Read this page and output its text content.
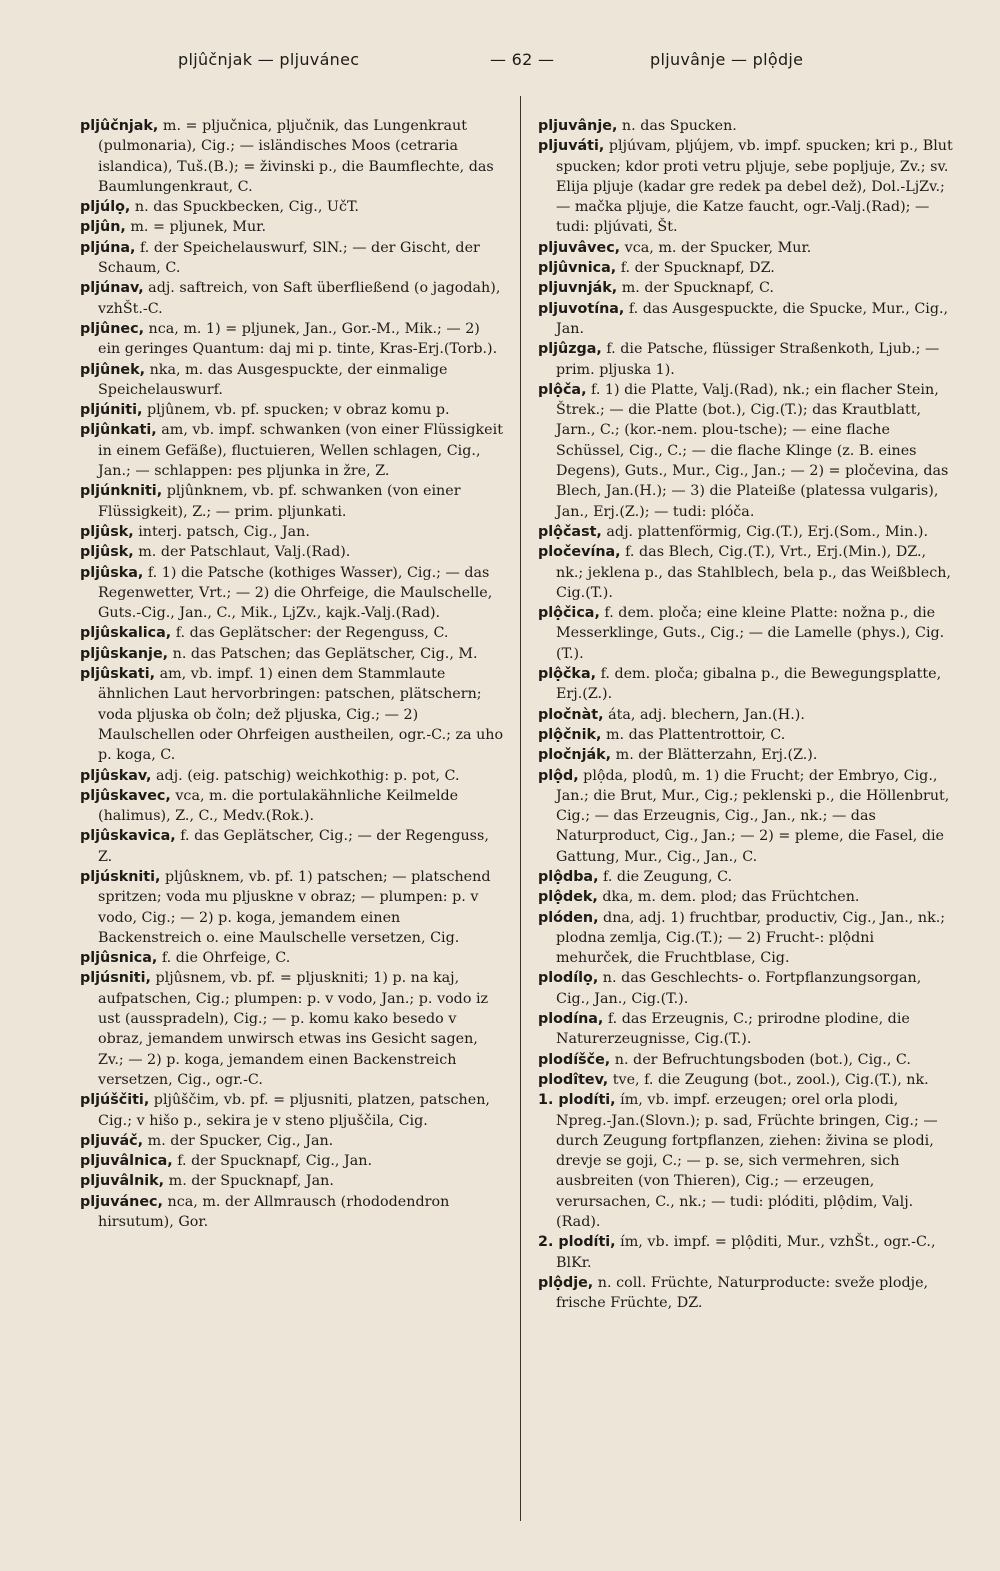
pljûčnjak — pljuvánec	— 62 —	pljuvânje — plộdje

pljûčnjak, m. = pljučnica, pljučnik, das Lungenkraut (pulmonaria), Cig.; — isländisches Moos (cetraria islandica), Tuš.(B.); = živinski p., die Baumflechte, das Baumlungenkraut, C.

pljúlọ, n. das Spuckbecken, Cig., UčT.

pljûn, m. = pljunek, Mur.

pljúna, f. der Speichelauswurf, SlN.; — der Gischt, der Schaum, C.

pljúnav, adj. saftreich, von Saft überfließend (o jagodah), vzhŠt.-C.

pljûnec, nca, m. 1) = pljunek, Jan., Gor.-M., Mik.; — 2) ein geringes Quantum: daj mi p. tinte, Kras-Erj.(Torb.).

pljûnek, nka, m. das Ausgespuckte, der einmalige Speichelauswurf.

pljúniti, pljûnem, vb. pf. spucken; v obraz komu p.

pljûnkati, am, vb. impf. schwanken (von einer Flüssigkeit in einem Gefäße), fluctuieren, Wellen schlagen, Cig., Jan.; — schlappen: pes pljunka in žre, Z.

pljúnkniti, pljûnknem, vb. pf. schwanken (von einer Flüssigkeit), Z.; — prim. pljunkati.

pljûsk, interj. patsch, Cig., Jan.

pljûsk, m. der Patschlaut, Valj.(Rad).

pljûska, f. 1) die Patsche (kothiges Wasser), Cig.; — das Regenwetter, Vrt.; — 2) die Ohrfeige, die Maulschelle, Guts.-Cig., Jan., C., Mik., LjZv., kajk.-Valj.(Rad).

pljûskalica, f. das Geplätscher: der Regenguss, C.

pljûskanje, n. das Patschen; das Geplätscher, Cig., M.

pljûskati, am, vb. impf. 1) einen dem Stammlaute ähnlichen Laut hervorbringen: patschen, plätschern; voda pljuska ob čoln; dež pljuska, Cig.; — 2) Maulschellen oder Ohrfeigen austheilen, ogr.-C.; za uho p. koga, C.

pljûskav, adj. (eig. patschig) weichkothig: p. pot, C.

pljûskavec, vca, m. die portulakähnliche Keilmelde (halimus), Z., C., Medv.(Rok.).

pljûskavica, f. das Geplätscher, Cig.; — der Regenguss, Z.

pljúskniti, pljûsknem, vb. pf. 1) patschen; — platschend spritzen; voda mu pljuskne v obraz; — plumpen: p. v vodo, Cig.; — 2) p. koga, jemandem einen Backenstreich o. eine Maulschelle versetzen, Cig.

pljûsnica, f. die Ohrfeige, C.

pljúsniti, pljûsnem, vb. pf. = pljuskniti; 1) p. na kaj, aufpatschen, Cig.; plumpen: p. v vodo, Jan.; p. vodo iz ust (ausspradeln), Cig.; — p. komu kako besedo v obraz, jemandem unwirsch etwas ins Gesicht sagen, Zv.; — 2) p. koga, jemandem einen Backenstreich versetzen, Cig., ogr.-C.

pljúščiti, pljûščim, vb. pf. = pljusniti, platzen, patschen, Cig.; v hišo p., sekira je v steno pljuščila, Cig.

pljuváč, m. der Spucker, Cig., Jan.

pljuvâlnica, f. der Spucknapf, Cig., Jan.

pljuvâlnik, m. der Spucknapf, Jan.

pljuvánec, nca, m. der Allmrausch (rhododendron hirsutum), Gor.

pljuvânje, n. das Spucken.

pljuváti, pljúvam, pljújem, vb. impf. spucken; kri p., Blut spucken; kdor proti vetru pljuje, sebe popljuje, Zv.; sv. Elija pljuje (kadar gre redek pa debel dež), Dol.-LjZv.; — mačka pljuje, die Katze faucht, ogr.-Valj.(Rad); — tudi: pljúvati, Št.

pljuvâvec, vca, m. der Spucker, Mur.

pljûvnica, f. der Spucknapf, DZ.

pljuvnják, m. der Spucknapf, C.

pljuvotína, f. das Ausgespuckte, die Spucke, Mur., Cig., Jan.

pljûzga, f. die Patsche, flüssiger Straßenkoth, Ljub.; — prim. pljuska 1).

plộča, f. 1) die Platte, Valj.(Rad), nk.; ein flacher Stein, Štrek.; — die Platte (bot.), Cig.(T.); das Krautblatt, Jarn., C.; (kor.-nem. plou-tsche); — eine flache Schüssel, Cig., C.; — die flache Klinge (z. B. eines Degens), Guts., Mur., Cig., Jan.; — 2) = pločevina, das Blech, Jan.(H.); — 3) die Plateiße (platessa vulgaris), Jan., Erj.(Z.); — tudi: plóča.

plộčast, adj. plattenförmig, Cig.(T.), Erj.(Som., Min.).

pločevína, f. das Blech, Cig.(T.), Vrt., Erj.(Min.), DZ., nk.; jeklena p., das Stahlblech, bela p., das Weißblech, Cig.(T.).

plộčica, f. dem. ploča; eine kleine Platte: nožna p., die Messerklinge, Guts., Cig.; — die Lamelle (phys.), Cig.(T.).

plộčka, f. dem. ploča; gibalna p., die Bewegungsplatte, Erj.(Z.).

pločnàt, áta, adj. blechern, Jan.(H.).

plộčnik, m. das Plattentrottoir, C.

pločnják, m. der Blätterzahn, Erj.(Z.).

plộd, plộda, plodû, m. 1) die Frucht; der Embryo, Cig., Jan.; die Brut, Mur., Cig.; peklenski p., die Höllenbrut, Cig.; — das Erzeugnis, Cig., Jan., nk.; — das Naturproduct, Cig., Jan.; — 2) = pleme, die Fasel, die Gattung, Mur., Cig., Jan., C.

plộdba, f. die Zeugung, C.

plộdek, dka, m. dem. plod; das Früchtchen.

plóden, dna, adj. 1) fruchtbar, productiv, Cig., Jan., nk.; plodna zemlja, Cig.(T.); — 2) Frucht-: plộdni mehurček, die Fruchtblase, Cig.

plodílọ, n. das Geschlechts- o. Fortpflanzungsorgan, Cig., Jan., Cig.(T.).

plodína, f. das Erzeugnis, C.; prirodne plodine, die Naturerzeugnisse, Cig.(T.).

plodíšče, n. der Befruchtungsboden (bot.), Cig., C.

plodîtev, tve, f. die Zeugung (bot., zool.), Cig.(T.), nk.

1. plodíti, ím, vb. impf. erzeugen; orel orla plodi, Npreg.-Jan.(Slovn.); p. sad, Früchte bringen, Cig.; — durch Zeugung fortpflanzen, ziehen: živina se plodi, drevje se goji, C.; — p. se, sich vermehren, sich ausbreiten (von Thieren), Cig.; — erzeugen, verursachen, C., nk.; — tudi: plóditi, plộdim, Valj.(Rad).

2. plodíti, ím, vb. impf. = plộditi, Mur., vzhŠt., ogr.-C., BlKr.

plộdje, n. coll. Früchte, Naturproducte: sveže plodje, frische Früchte, DZ.
